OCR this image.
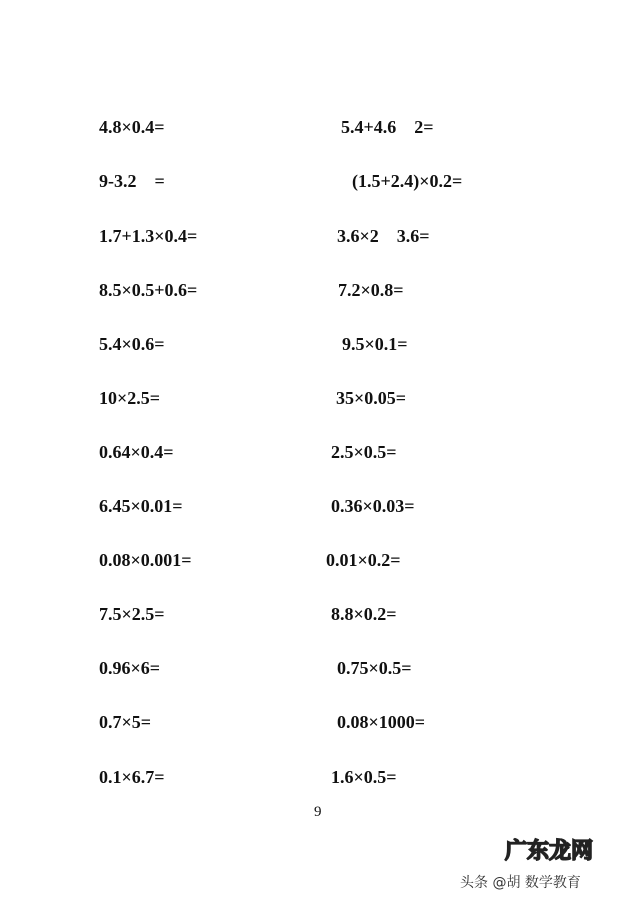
4.8×0.4=	5.4+4.6    2=
9-3.2    =	(1.5+2.4)×0.2=
1.7+1.3×0.4=	3.6×2    3.6=
8.5×0.5+0.6=	7.2×0.8=
5.4×0.6=	9.5×0.1=
10×2.5=	35×0.05=
0.64×0.4=	2.5×0.5=
6.45×0.01=	0.36×0.03=
0.08×0.001=	0.01×0.2=
7.5×2.5=	8.8×0.2=
0.96×6=	0.75×0.5=
0.7×5=	0.08×1000=
0.1×6.7=	1.6×0.5=
9
广东龙网
头条 @胡 数学教育
